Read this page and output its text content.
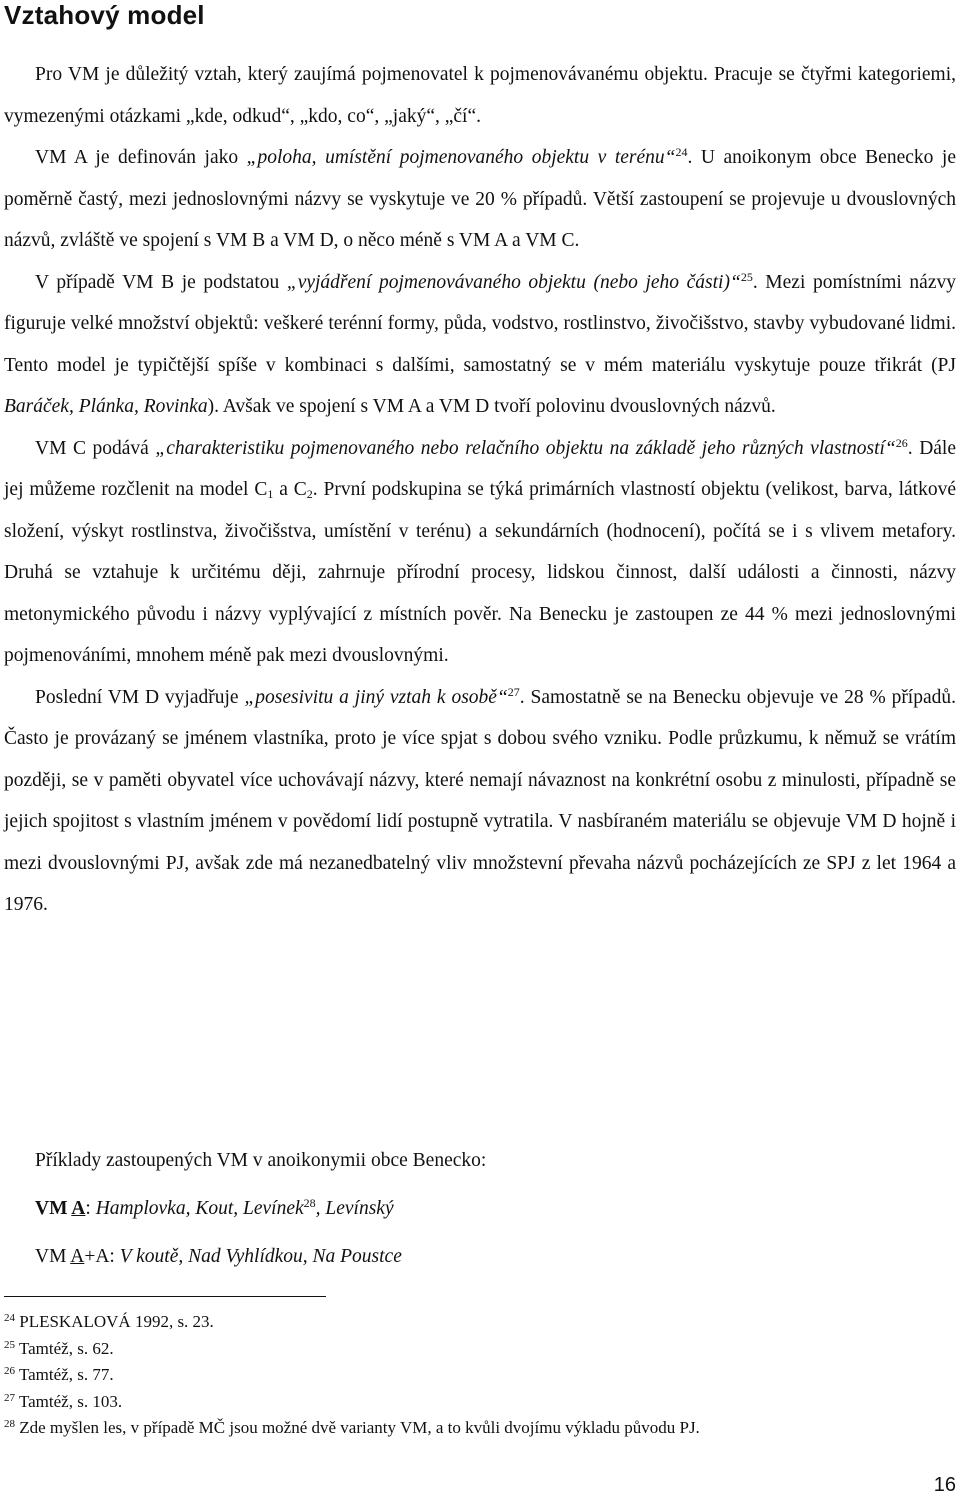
Vztahový model

Pro VM je důležitý vztah, který zaujímá pojmenovatel k pojmenovávanému objektu. Pracuje se čtyřmi kategoriemi, vymezenými otázkami „kde, odkud“, „kdo, co“, „jaký“, „čí“.

VM A je definován jako „poloha, umístění pojmenovaného objektu v terénu“$^{24}$. U anoikonym obce Benecko je poměrně častý, mezi jednoslovnými názvy se vyskytuje ve 20 % případů. Větší zastoupení se projevuje u dvouslovných názvů, zvláště ve spojení s VM B a VM D, o něco méně s VM A a VM C.

V případě VM B je podstatou „vyjádření pojmenovávaného objektu (nebo jeho části)“$^{25}$. Mezi pomístními názvy figuruje velké množství objektů: veškeré terénní formy, půda, vodstvo, rostlinstvo, živočišstvo, stavby vybudované lidmi. Tento model je typičtější spíše v kombinaci s dalšími, samostatný se v mém materiálu vyskytuje pouze třikrát (PJ Baráček, Plánka, Rovinka). Avšak ve spojení s VM A a VM D tvoří polovinu dvouslovných názvů.

VM C podává „charakteristiku pojmenovaného nebo relačního objektu na základě jeho různých vlastností“$^{26}$. Dále jej můžeme rozčlenit na model $C_1$ a $C_2$. První podskupina se týká primárních vlastností objektu (velikost, barva, látkové složení, výskyt rostlinstva, živočišstva, umístění v terénu) a sekundárních (hodnocení), počítá se i s vlivem metafory. Druhá se vztahuje k určitému ději, zahrnuje přírodní procesy, lidskou činnost, další události a činnosti, názvy metonymického původu i názvy vyplývající z místních pověr. Na Benecku je zastoupen ze 44 % mezi jednoslovnými pojmenováními, mnohem méně pak mezi dvouslovnými.

Poslední VM D vyjadřuje „posesivitu a jiný vztah k osobě“$^{27}$. Samostatně se na Benecku objevuje ve 28 % případů. Často je provázaný se jménem vlastníka, proto je více spjat s dobou svého vzniku. Podle průzkumu, k němuž se vrátím později, se v paměti obyvatel více uchovávají názvy, které nemají návaznost na konkrétní osobu z minulosti, případně se jejich spojitost s vlastním jménem v povědomí lidí postupně vytratila. V nasbíraném materiálu se objevuje VM D hojně i mezi dvouslovnými PJ, avšak zde má nezanedbatelný vliv množstevní převaha názvů pocházejících ze SPJ z let 1964 a 1976.

Příklady zastoupených VM v anoikonymii obce Benecko:

VM A: Hamplovka, Kout, Levínek$^{28}$, Levínský

VM A+A: V koutě, Nad Vyhlídkou, Na Poustce

$^{24}$ PLESKALOVÁ 1992, s. 23.
$^{25}$ Tamtéž, s. 62.
$^{26}$ Tamtéž, s. 77.
$^{27}$ Tamtéž, s. 103.
$^{28}$ Zde myšlen les, v případě MČ jsou možné dvě varianty VM, a to kvůli dvojímu výkladu původu PJ.
16
